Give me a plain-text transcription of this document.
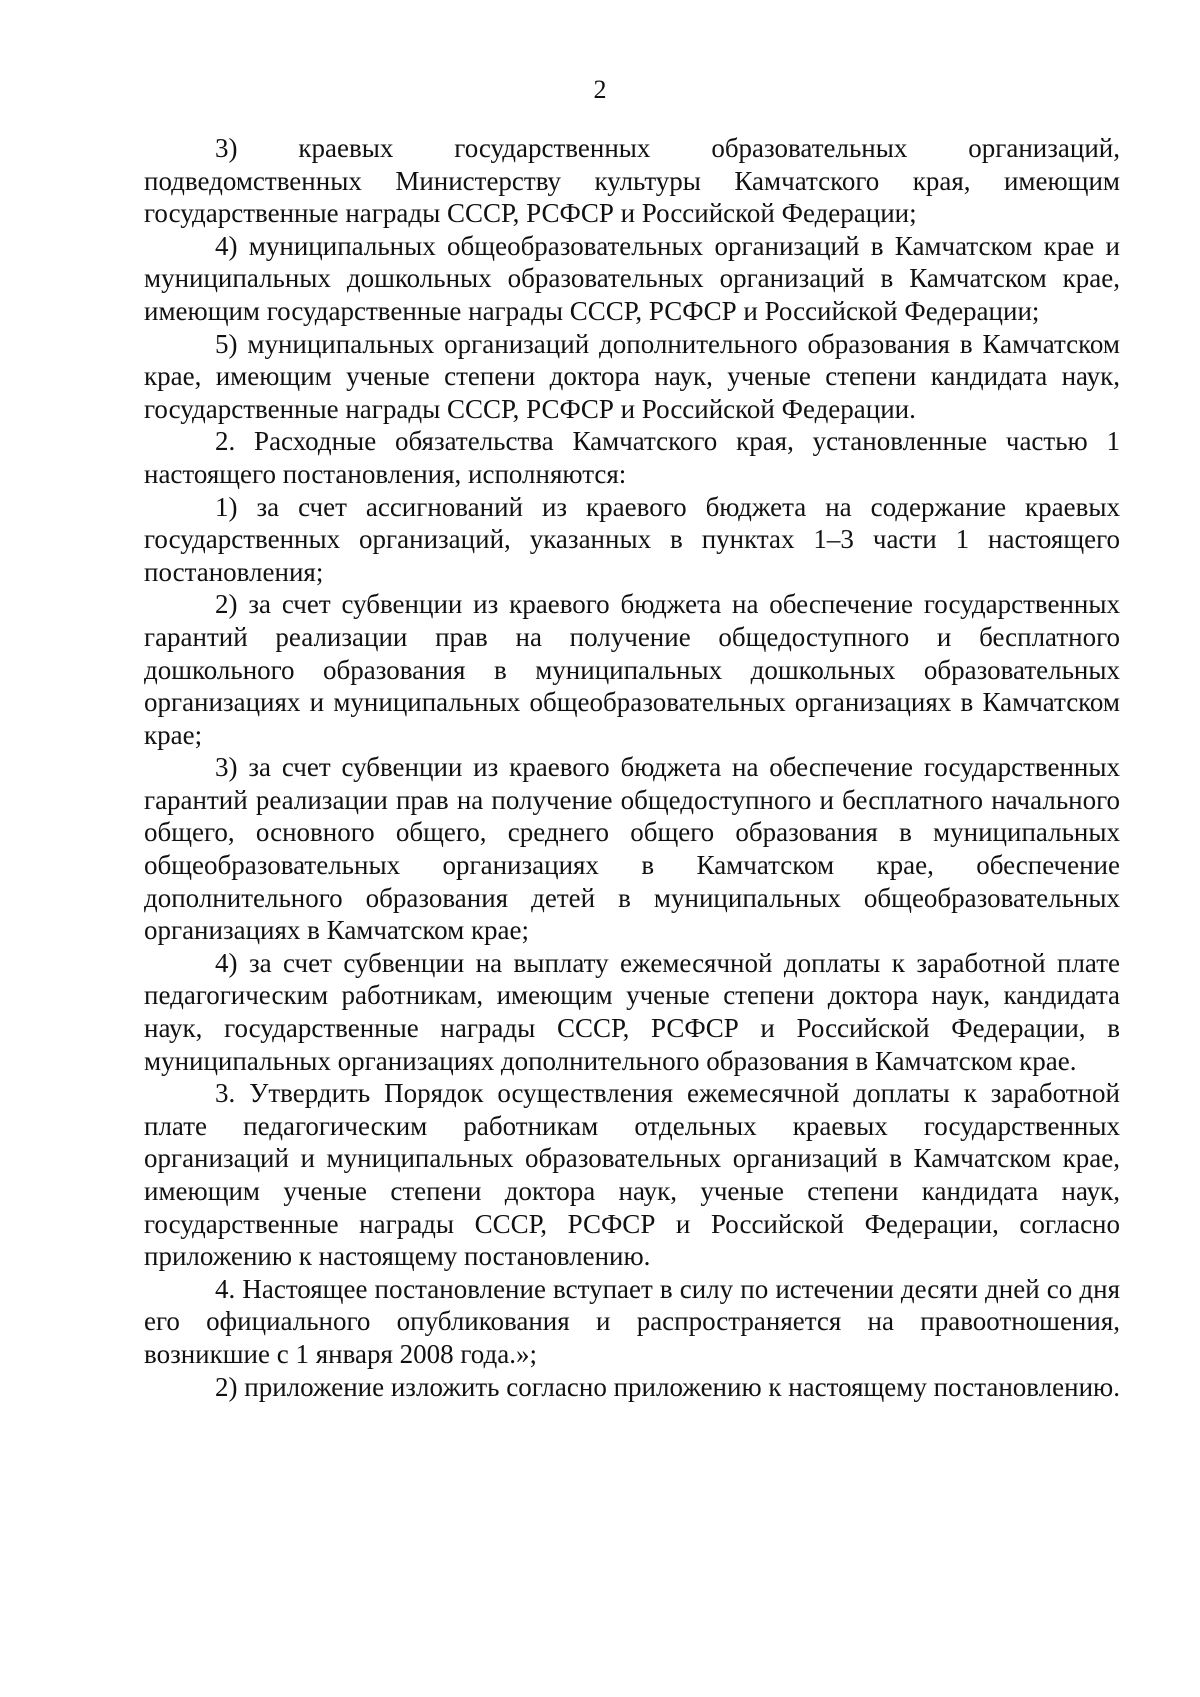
2

3) краевых государственных образовательных организаций, подведомственных Министерству культуры Камчатского края, имеющим государственные награды СССР, РСФСР и Российской Федерации;

4) муниципальных общеобразовательных организаций в Камчатском крае и муниципальных дошкольных образовательных организаций в Камчатском крае, имеющим государственные награды СССР, РСФСР и Российской Федерации;

5) муниципальных организаций дополнительного образования в Камчатском крае, имеющим ученые степени доктора наук, ученые степени кандидата наук, государственные награды СССР, РСФСР и Российской Федерации.

2. Расходные обязательства Камчатского края, установленные частью 1 настоящего постановления, исполняются:

1) за счет ассигнований из краевого бюджета на содержание краевых государственных организаций, указанных в пунктах 1–3 части 1 настоящего постановления;

2) за счет субвенции из краевого бюджета на обеспечение государственных гарантий реализации прав на получение общедоступного и бесплатного дошкольного образования в муниципальных дошкольных образовательных организациях и муниципальных общеобразовательных организациях в Камчатском крае;

3) за счет субвенции из краевого бюджета на обеспечение государственных гарантий реализации прав на получение общедоступного и бесплатного начального общего, основного общего, среднего общего образования в муниципальных общеобразовательных организациях в Камчатском крае, обеспечение дополнительного образования детей в муниципальных общеобразовательных организациях в Камчатском крае;

4) за счет субвенции на выплату ежемесячной доплаты к заработной плате педагогическим работникам, имеющим ученые степени доктора наук, кандидата наук, государственные награды СССР, РСФСР и Российской Федерации, в муниципальных организациях дополнительного образования в Камчатском крае.

3. Утвердить Порядок осуществления ежемесячной доплаты к заработной плате педагогическим работникам отдельных краевых государственных организаций и муниципальных образовательных организаций в Камчатском крае, имеющим ученые степени доктора наук, ученые степени кандидата наук, государственные награды СССР, РСФСР и Российской Федерации, согласно приложению к настоящему постановлению.

4. Настоящее постановление вступает в силу по истечении десяти дней со дня его официального опубликования и распространяется на правоотношения, возникшие с 1 января 2008 года.»;

2) приложение изложить согласно приложению к настоящему постановлению.
